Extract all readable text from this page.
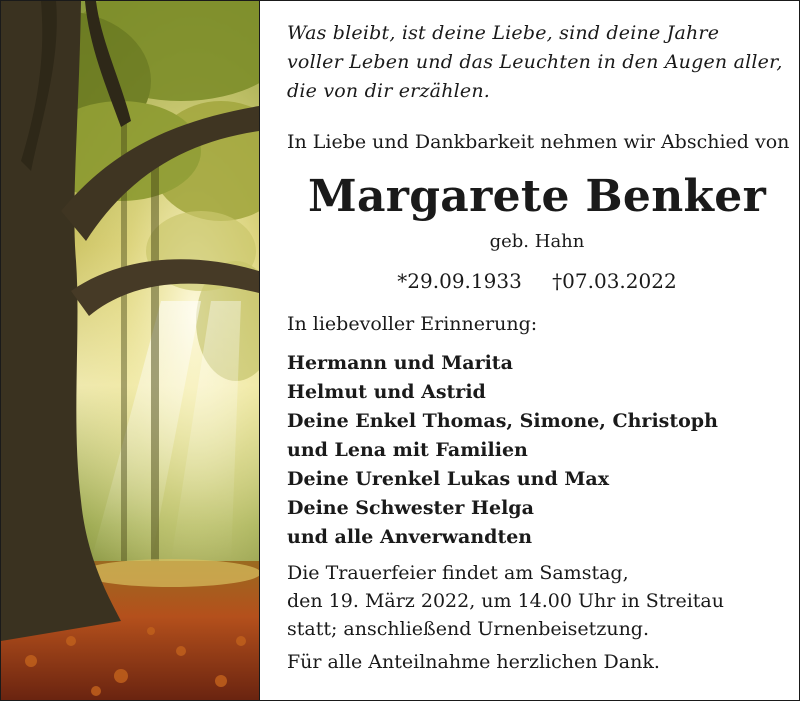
Was bleibt, ist deine Liebe, sind deine Jahre
voller Leben und das Leuchten in den Augen aller,
die von dir erzählen.
In Liebe und Dankbarkeit nehmen wir Abschied von
Margarete Benker
geb. Hahn
*29.09.1933 †07.03.2022
In liebevoller Erinnerung:
Hermann und Marita
Helmut und Astrid
Deine Enkel Thomas, Simone, Christoph
und Lena mit Familien
Deine Urenkel Lukas und Max
Deine Schwester Helga
und alle Anverwandten
Die Trauerfeier findet am Samstag,
den 19. März 2022, um 14.00 Uhr in Streitau
statt; anschließend Urnenbeisetzung.
Für alle Anteilnahme herzlichen Dank.
